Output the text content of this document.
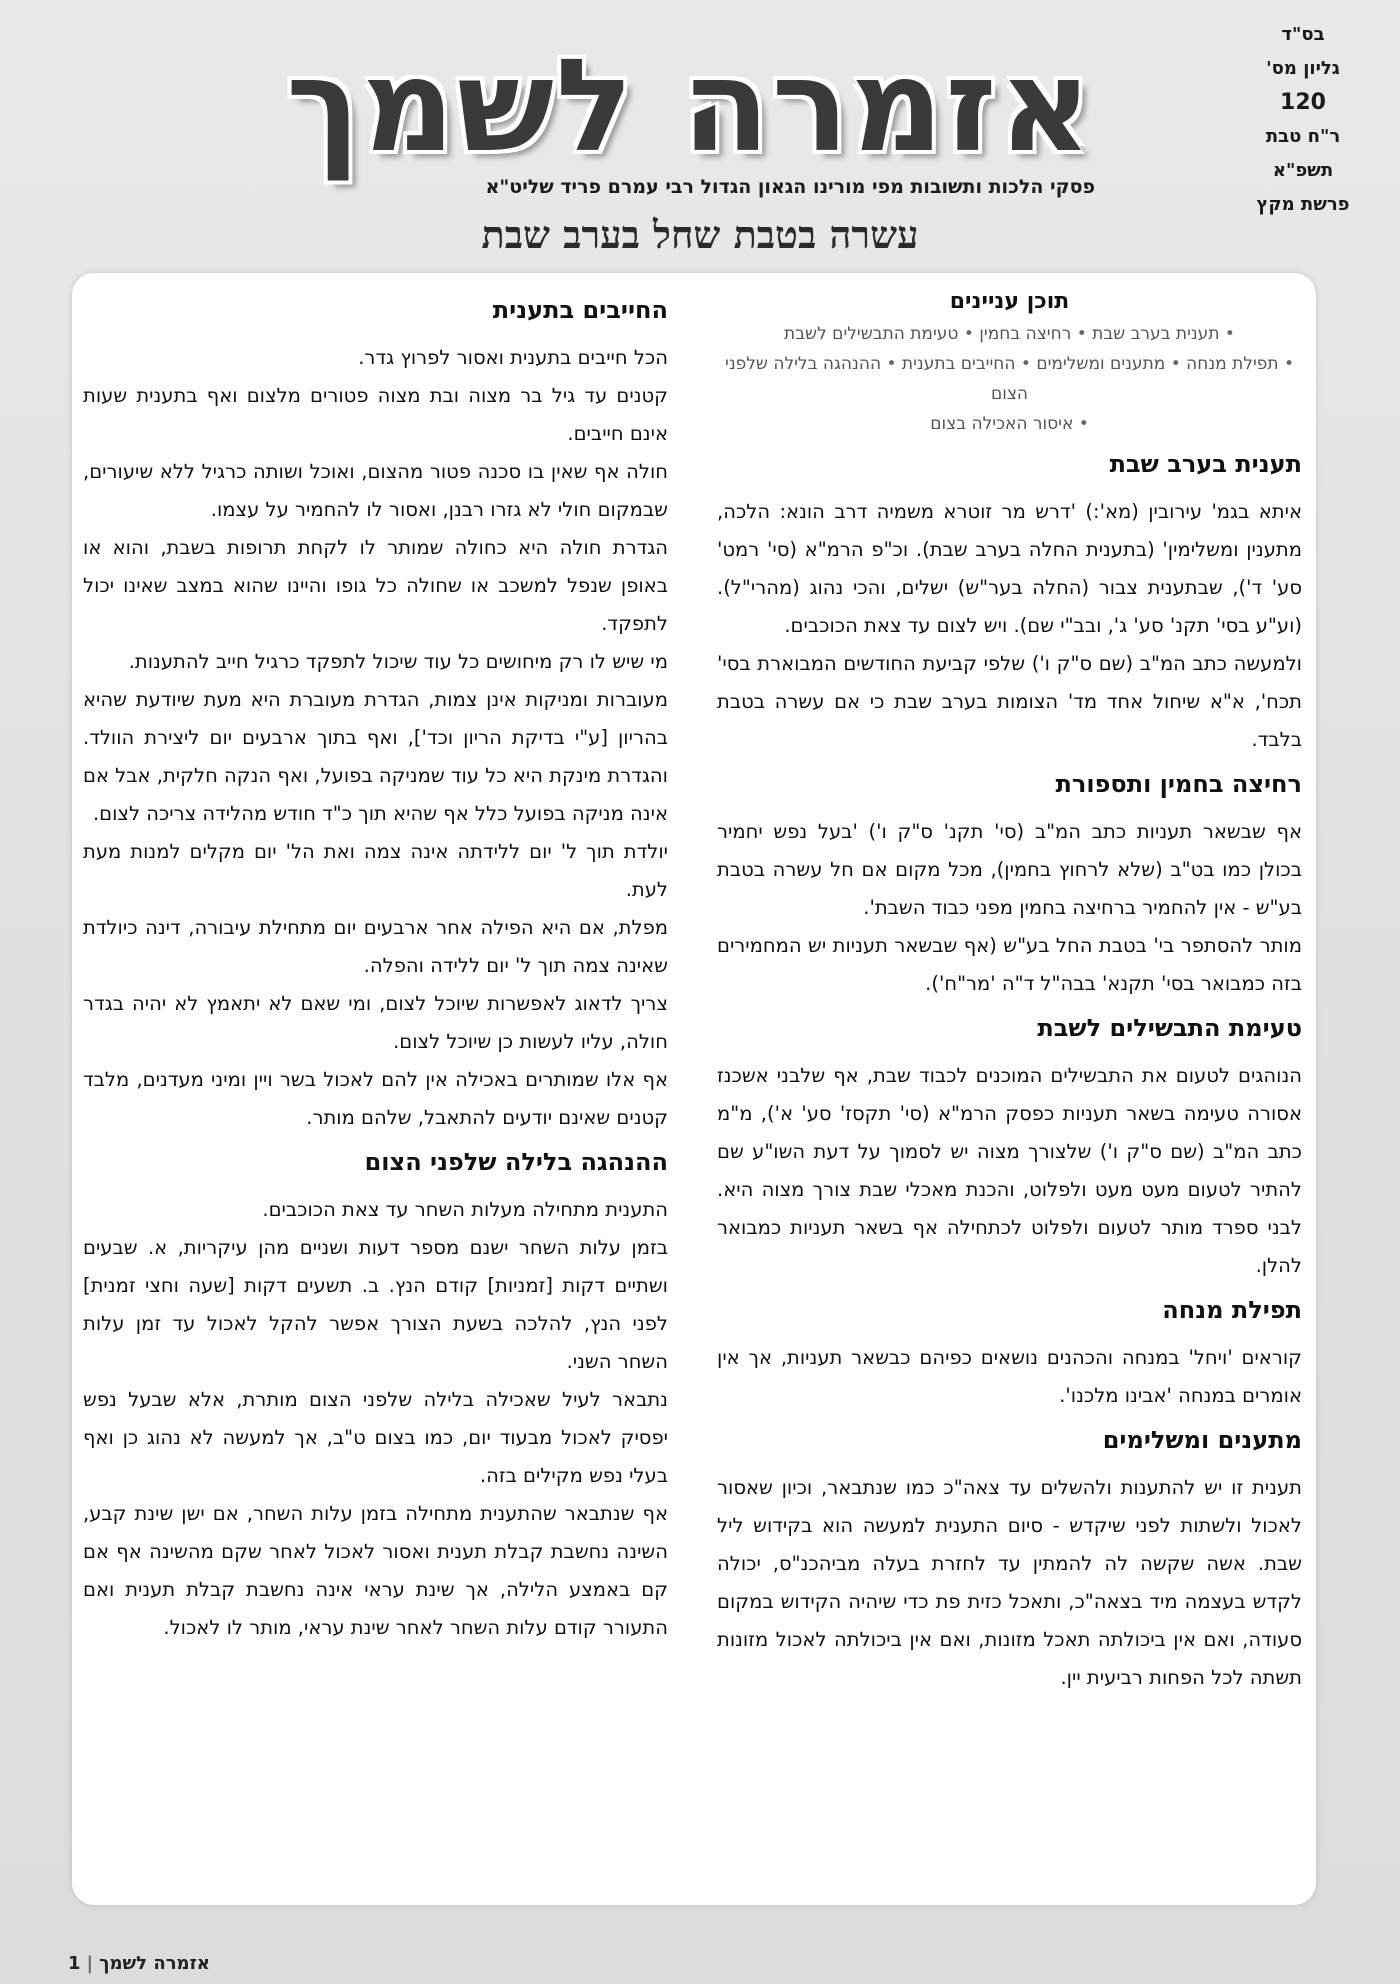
בס"ד
גליון מס'
120
ר"ח טבת תשפ"א
פרשת מקץ
אזמרה לשמך
פסקי הלכות ותשובות מפי מורינו הגאון הגדול רבי עמרם פריד שליט"א
עשרה בטבת שחל בערב שבת
תוכן עניינים
• תענית בערב שבת• רחיצה בחמין• טעימת התבשילים לשבת
• תפילת מנחה• מתענים ומשלימים• החייבים בתענית• ההנהגה בלילה שלפני הצום
• איסור האכילה בצום
תענית בערב שבת

איתא בגמ' עירובין (מא':) 'דרש מר זוטרא משמיה דרב הונא: הלכה, מתענין ומשלימין' (בתענית החלה בערב שבת). וכ"פ הרמ"א (סי' רמט' סע' ד'), שבתענית צבור (החלה בער"ש) ישלים, והכי נהוג (מהרי"ל). (וע"ע בסי' תקנ' סע' ג', ובב"י שם). ויש לצום עד צאת הכוכבים.

ולמעשה כתב המ"ב (שם ס"ק ו') שלפי קביעת החודשים המבוארת בסי' תכח', א"א שיחול אחד מד' הצומות בערב שבת כי אם עשרה בטבת בלבד.

רחיצה בחמין ותספורת

אף שבשאר תעניות כתב המ"ב (סי' תקנ' ס"ק ו') 'בעל נפש יחמיר בכולן כמו בט"ב (שלא לרחוץ בחמין), מכל מקום אם חל עשרה בטבת בע"ש - אין להחמיר ברחיצה בחמין מפני כבוד השבת'.

מותר להסתפר בי' בטבת החל בע"ש (אף שבשאר תעניות יש המחמירים בזה כמבואר בסי' תקנא' בבה"ל ד"ה 'מר"ח').

טעימת התבשילים לשבת

הנוהגים לטעום את התבשילים המוכנים לכבוד שבת, אף שלבני אשכנז אסורה טעימה בשאר תעניות כפסק הרמ"א (סי' תקסז' סע' א'), מ"מ כתב המ"ב (שם ס"ק ו') שלצורך מצוה יש לסמוך על דעת השו"ע שם להתיר לטעום מעט מעט ולפלוט, והכנת מאכלי שבת צורך מצוה היא. לבני ספרד מותר לטעום ולפלוט לכתחילה אף בשאר תעניות כמבואר להלן.

תפילת מנחה

קוראים 'ויחל' במנחה והכהנים נושאים כפיהם כבשאר תעניות, אך אין אומרים במנחה 'אבינו מלכנו'.

מתענים ומשלימים

תענית זו יש להתענות ולהשלים עד צאה"כ כמו שנתבאר, וכיון שאסור לאכול ולשתות לפני שיקדש - סיום התענית למעשה הוא בקידוש ליל שבת. אשה שקשה לה להמתין עד לחזרת בעלה מביהכנ"ס, יכולה לקדש בעצמה מיד בצאה"כ, ותאכל כזית פת כדי שיהיה הקידוש במקום סעודה, ואם אין ביכולתה תאכל מזונות, ואם אין ביכולתה לאכול מזונות תשתה לכל הפחות רביעית יין.

החייבים בתענית

הכל חייבים בתענית ואסור לפרוץ גדר.

קטנים עד גיל בר מצוה ובת מצוה פטורים מלצום ואף בתענית שעות אינם חייבים.

חולה אף שאין בו סכנה פטור מהצום, ואוכל ושותה כרגיל ללא שיעורים, שבמקום חולי לא גזרו רבנן, ואסור לו להחמיר על עצמו.

הגדרת חולה היא כחולה שמותר לו לקחת תרופות בשבת, והוא או באופן שנפל למשכב או שחולה כל גופו והיינו שהוא במצב שאינו יכול לתפקד.

מי שיש לו רק מיחושים כל עוד שיכול לתפקד כרגיל חייב להתענות.

מעוברות ומניקות אינן צמות, הגדרת מעוברת היא מעת שיודעת שהיא בהריון [ע"י בדיקת הריון וכד'], ואף בתוך ארבעים יום ליצירת הוולד. והגדרת מינקת היא כל עוד שמניקה בפועל, ואף הנקה חלקית, אבל אם אינה מניקה בפועל כלל אף שהיא תוך כ"ד חודש מהלידה צריכה לצום.

יולדת תוך ל' יום ללידתה אינה צמה ואת הל' יום מקלים למנות מעת לעת.

מפלת, אם היא הפילה אחר ארבעים יום מתחילת עיבורה, דינה כיולדת שאינה צמה תוך ל' יום ללידה והפלה.

צריך לדאוג לאפשרות שיוכל לצום, ומי שאם לא יתאמץ לא יהיה בגדר חולה, עליו לעשות כן שיוכל לצום.

אף אלו שמותרים באכילה אין להם לאכול בשר ויין ומיני מעדנים, מלבד קטנים שאינם יודעים להתאבל, שלהם מותר.

ההנהגה בלילה שלפני הצום

התענית מתחילה מעלות השחר עד צאת הכוכבים.

בזמן עלות השחר ישנם מספר דעות ושניים מהן עיקריות, א. שבעים ושתיים דקות [זמניות] קודם הנץ. ב. תשעים דקות [שעה וחצי זמנית] לפני הנץ, להלכה בשעת הצורך אפשר להקל לאכול עד זמן עלות השחר השני.

נתבאר לעיל שאכילה בלילה שלפני הצום מותרת, אלא שבעל נפש יפסיק לאכול מבעוד יום, כמו בצום ט"ב, אך למעשה לא נהוג כן ואף בעלי נפש מקילים בזה.

אף שנתבאר שהתענית מתחילה בזמן עלות השחר, אם ישן שינת קבע, השינה נחשבת קבלת תענית ואסור לאכול לאחר שקם מהשינה אף אם קם באמצע הלילה, אך שינת עראי אינה נחשבת קבלת תענית ואם התעורר קודם עלות השחר לאחר שינת עראי, מותר לו לאכול.

אזמרה לשמך|1
